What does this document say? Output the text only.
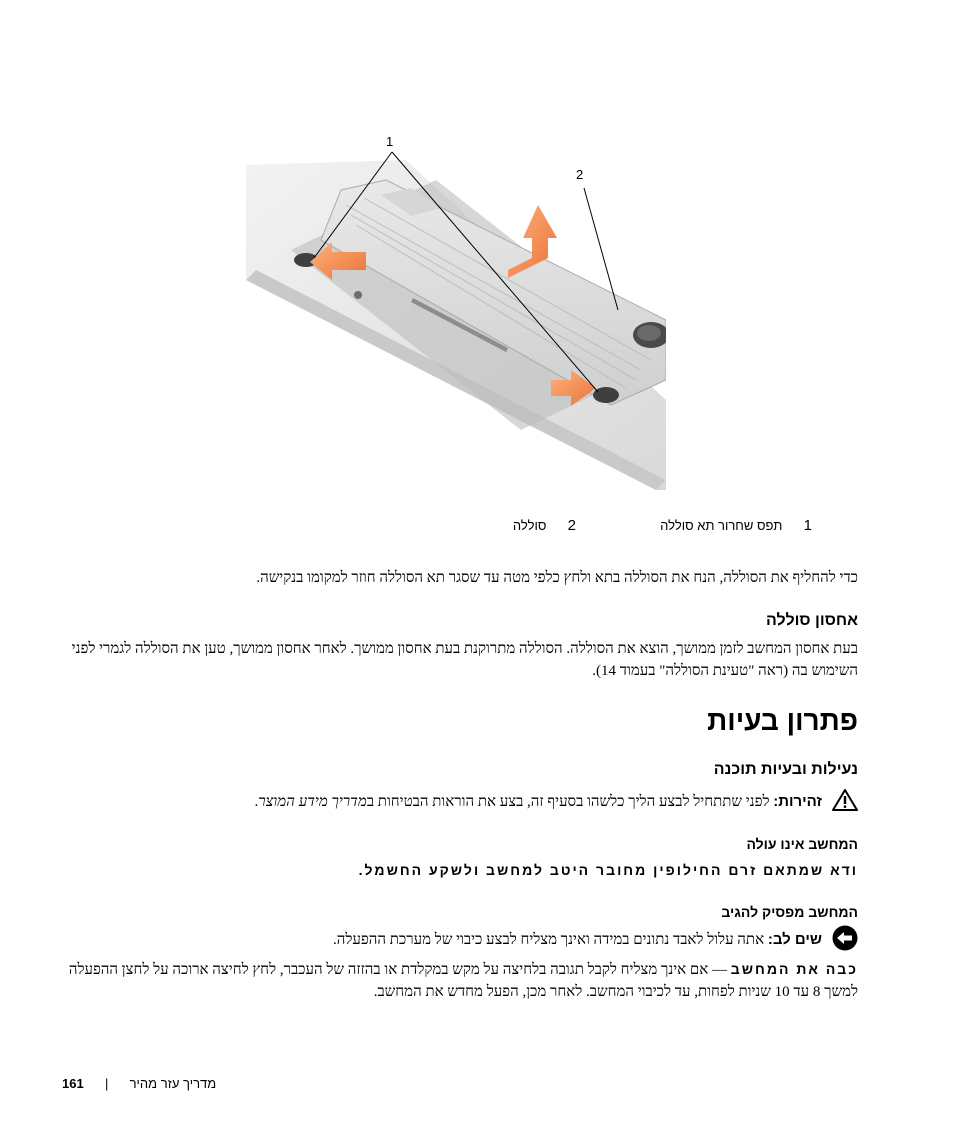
1
2
1  תפס שחרור תא סוללה
2  סוללה

כדי להחליף את הסוללה, הנח את הסוללה בתא ולחץ כלפי מטה עד שסגר תא הסוללה חוזר למקומו בנקישה.

אחסון סוללה

בעת אחסון המחשב לזמן ממושך, הוצא את הסוללה. הסוללה מתרוקנת בעת אחסון ממושך. לאחר אחסון ממושך, טען את הסוללה לגמרי לפני השימוש בה (ראה "טעינת הסוללה" בעמוד 14).

פתרון בעיות
נעילות ובעיות תוכנה
זהירות: לפני שתתחיל לבצע הליך כלשהו בסעיף זה, בצע את הוראות הבטיחות במדריך מידע המוצר.
המחשב אינו עולה
ודא שמתאם זרם החילופין מחובר היטב למחשב ולשקע החשמל.
המחשב מפסיק להגיב
שים לב: אתה עלול לאבד נתונים במידה ואינך מצליח לבצע כיבוי של מערכת ההפעלה.

כבה את המחשב — אם אינך מצליח לקבל תגובה בלחיצה על מקש במקלדת או בהזזה של העכבר, לחץ לחיצה ארוכה על לחצן ההפעלה למשך 8 עד 10 שניות לפחות, עד לכיבוי המחשב. לאחר מכן, הפעל מחדש את המחשב.

161 | מדריך עזר מהיר
